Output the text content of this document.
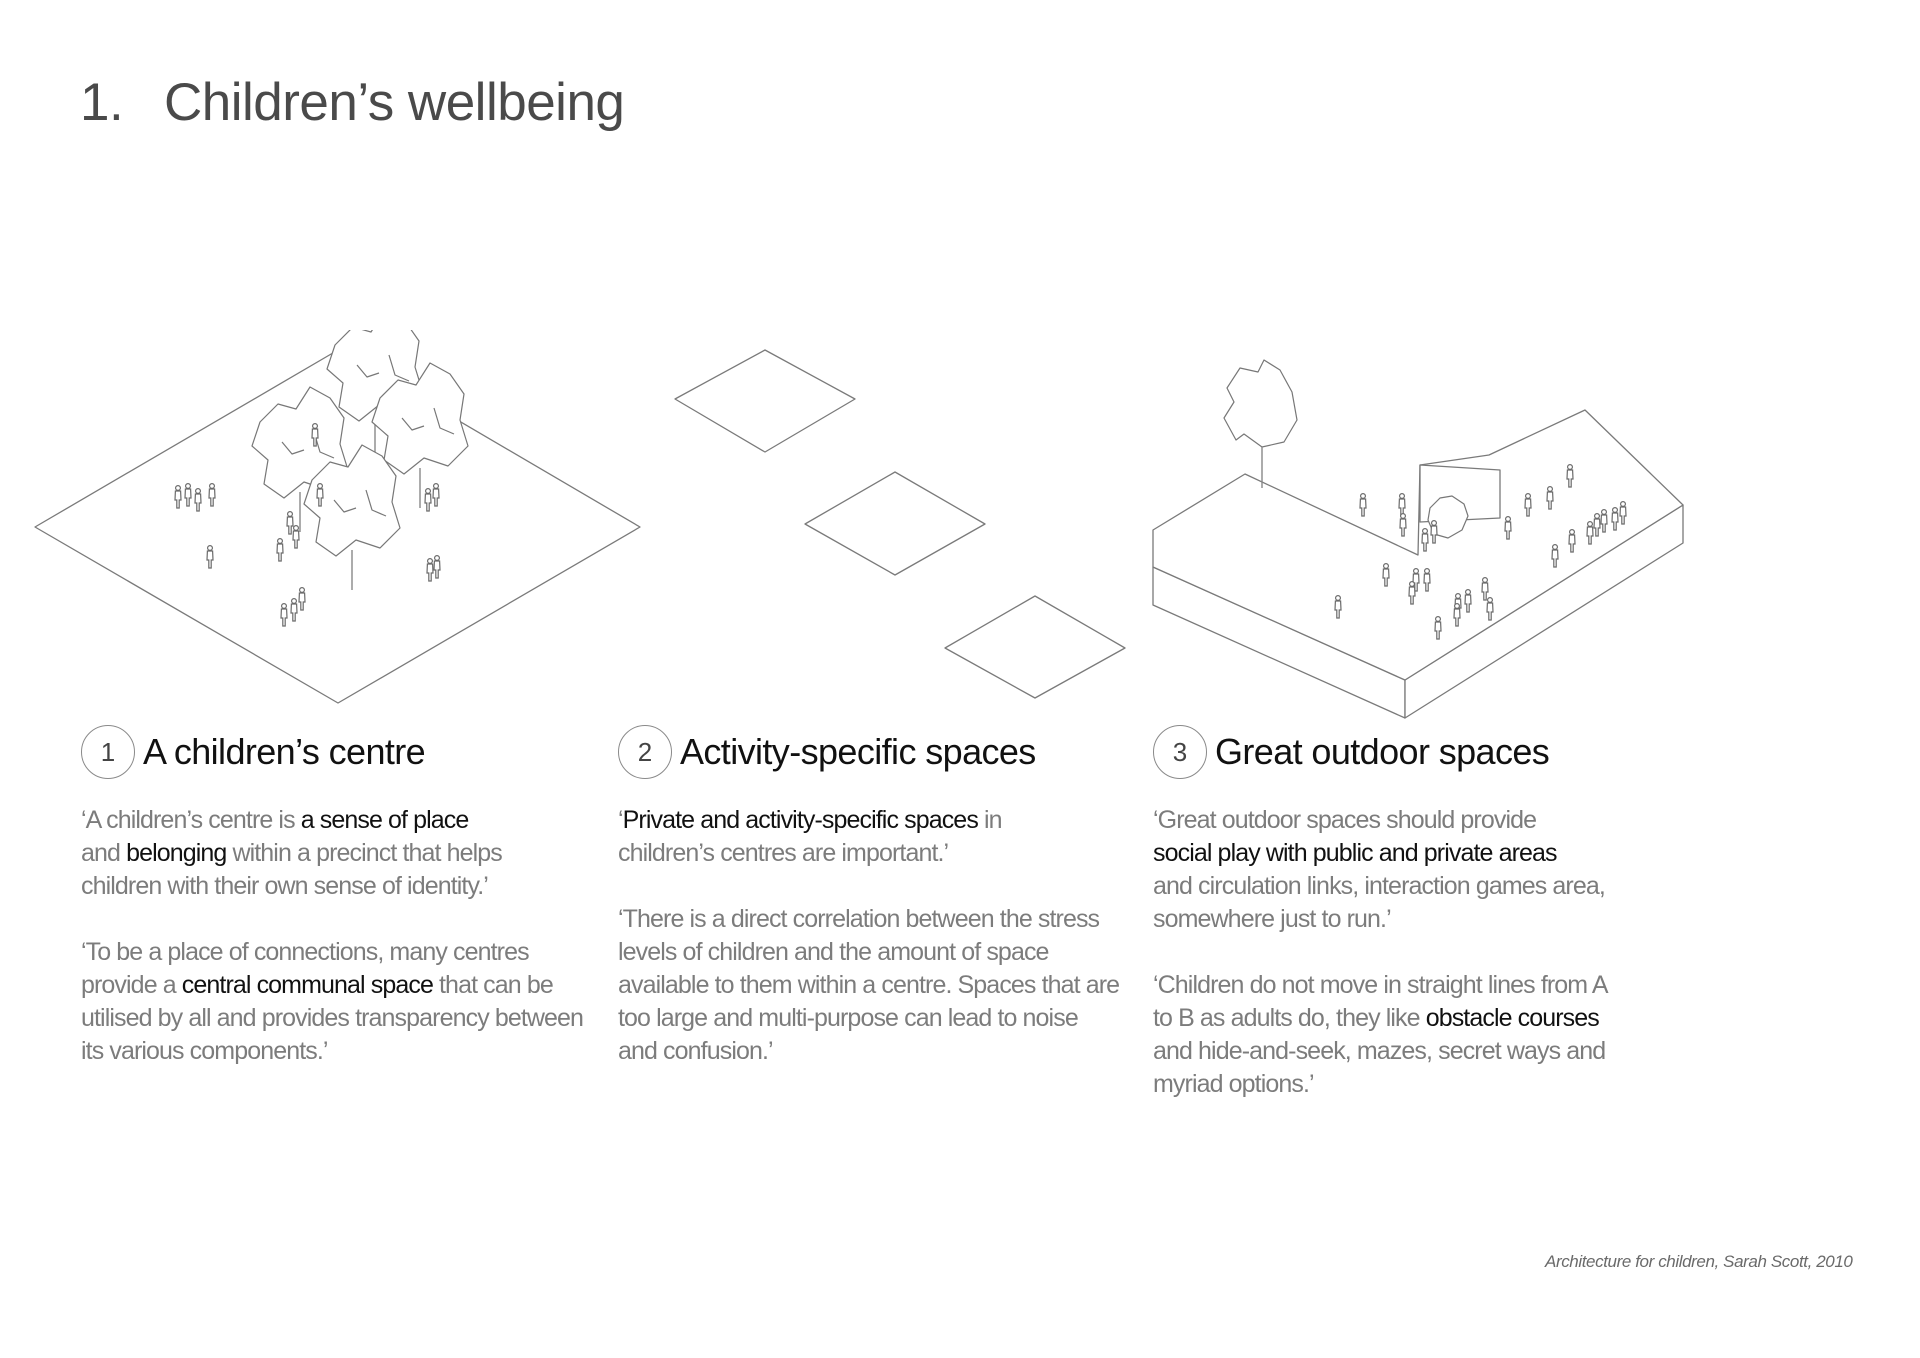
1. Children’s wellbeing
1 A children’s centre

‘A children’s centre is a sense of place
and belonging within a precinct that helps
children with their own sense of identity.’

‘To be a place of connections, many centres
provide a central communal space that can be
utilised by all and provides transparency between
its various components.’

2 Activity-specific spaces

‘Private and activity-specific spaces in
children’s centres are important.’

‘There is a direct correlation between the stress
levels of children and the amount of space
available to them within a centre. Spaces that are
too large and multi-purpose can lead to noise
and confusion.’

3 Great outdoor spaces

‘Great outdoor spaces should provide
social play with public and private areas
and circulation links, interaction games area,
somewhere just to run.’

‘Children do not move in straight lines from A
to B as adults do, they like obstacle courses
and hide-and-seek, mazes, secret ways and
myriad options.’

Architecture for children, Sarah Scott, 2010
